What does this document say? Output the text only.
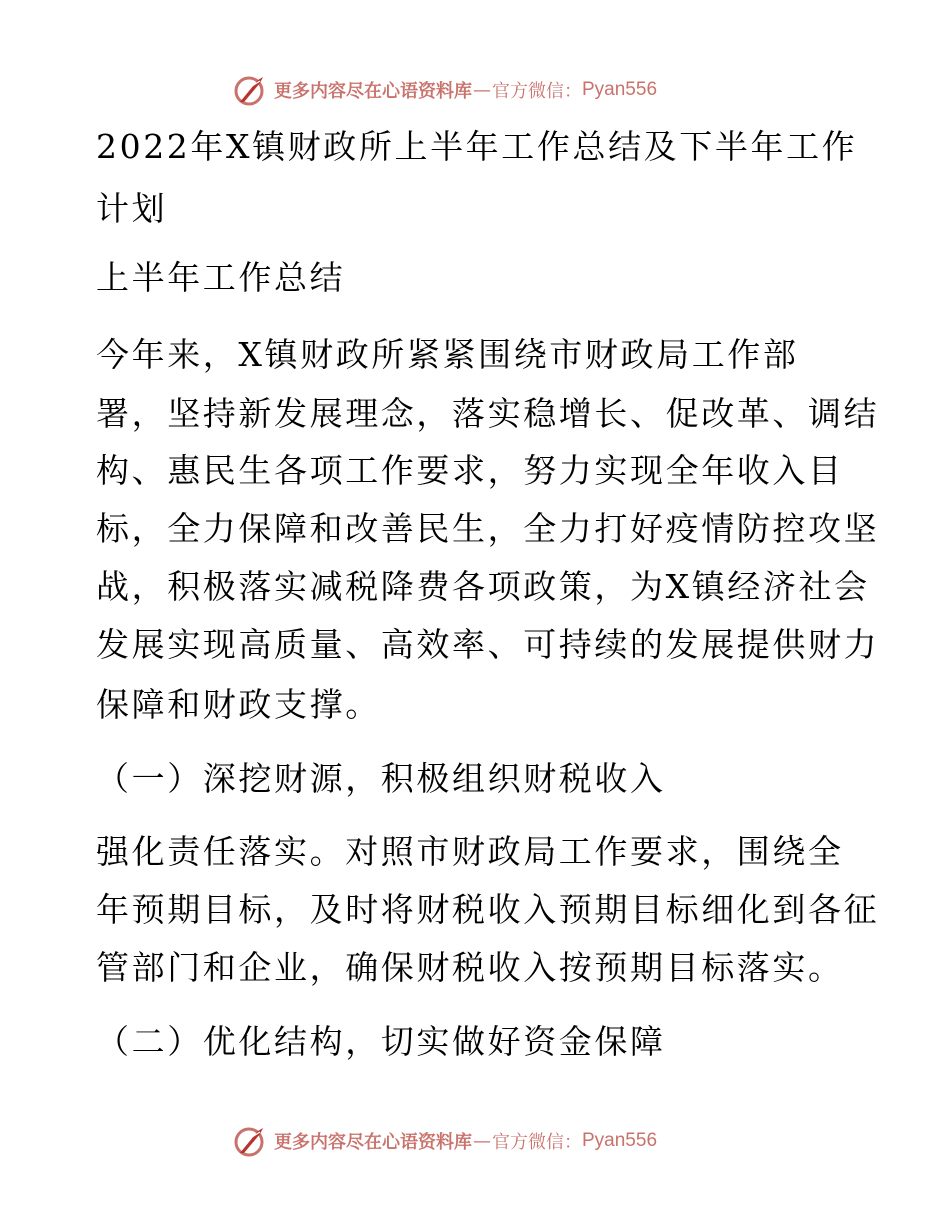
更多内容尽在心语资料库 — 官方微信： Pyan556
2022年X镇财政所上半年工作总结及下半年工作
计划
上半年工作总结
今年来，X镇财政所紧紧围绕市财政局工作部
署，坚持新发展理念，落实稳增长、促改革、调结
构、惠民生各项工作要求，努力实现全年收入目
标，全力保障和改善民生，全力打好疫情防控攻坚
战，积极落实减税降费各项政策，为X镇经济社会
发展实现高质量、高效率、可持续的发展提供财力
保障和财政支撑。
（一）深挖财源，积极组织财税收入
强化责任落实。对照市财政局工作要求，围绕全
年预期目标，及时将财税收入预期目标细化到各征
管部门和企业，确保财税收入按预期目标落实。
（二）优化结构，切实做好资金保障
更多内容尽在心语资料库 — 官方微信： Pyan556
